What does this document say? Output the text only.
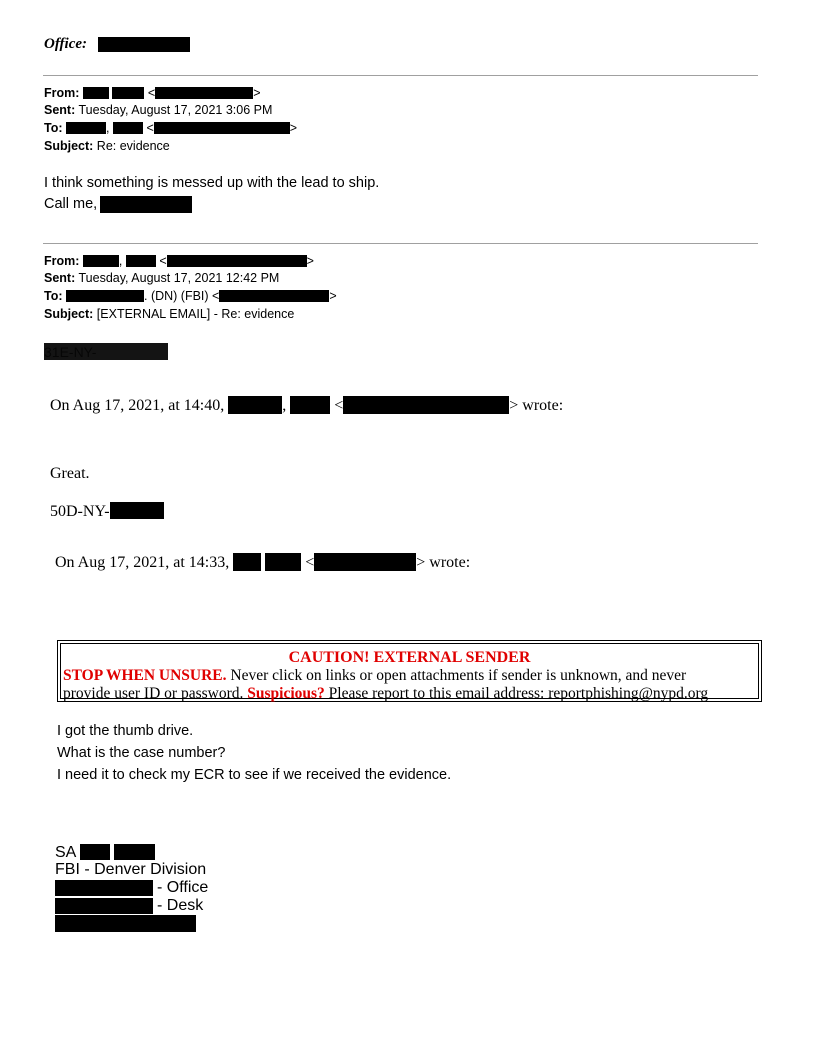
Office:
From:	<	>
Sent: Tuesday, August 17, 2021 3:06 PM
To:	,	<	>
Subject: Re: evidence
I think something is messed up with the lead to ship.
Call me,
From:	,	<	>
Sent: Tuesday, August 17, 2021 12:42 PM
To:	. (DN) (FBI) <	>
Subject: [EXTERNAL EMAIL] - Re: evidence
On Aug 17, 2021, at 14:40,	,	<	> wrote:
Great.
50D-NY-
On Aug 17, 2021, at 14:33,	<	> wrote:
CAUTION! EXTERNAL SENDER
STOP WHEN UNSURE. Never click on links or open attachments if sender is unknown, and never
provide user ID or password. Suspicious? Please report to this email address: reportphishing@nypd.org
I got the thumb drive.
What is the case number?
I need it to check my ECR to see if we received the evidence.
SA
FBI - Denver Division
- Office
- Desk
